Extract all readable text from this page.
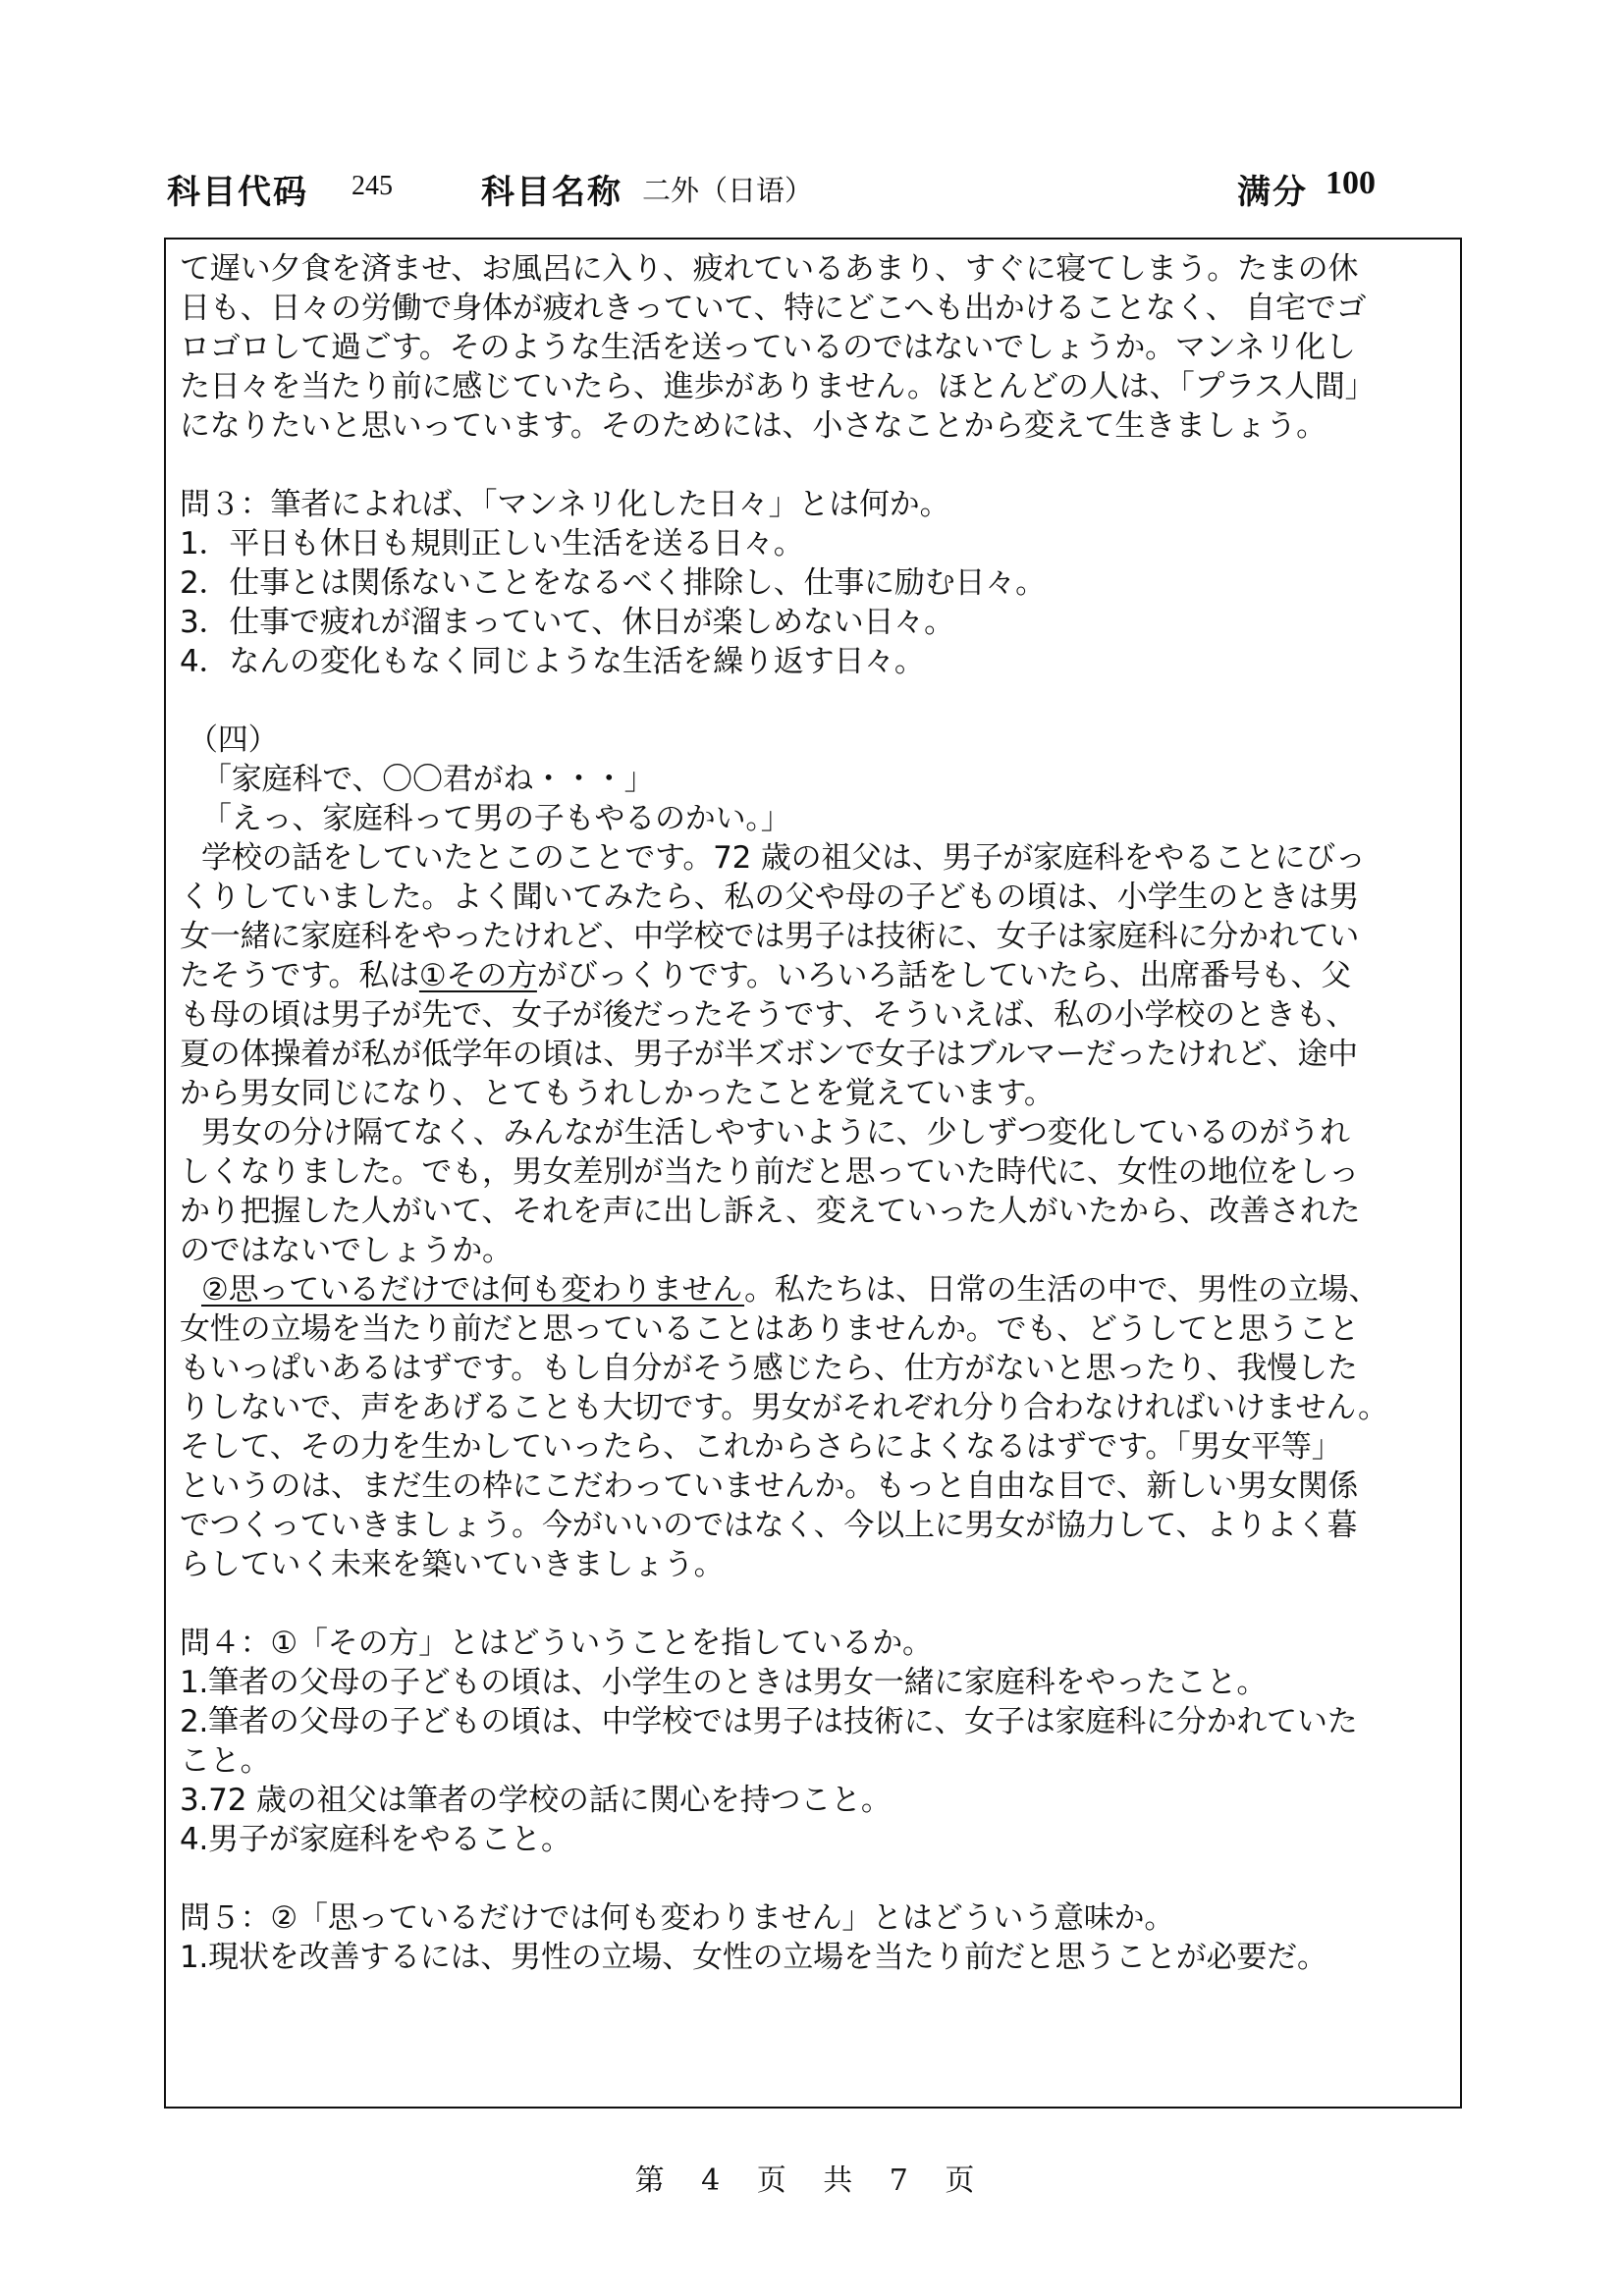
科目代码 245	科目名称 二外（日语）	满分 100
て遅い夕食を済ませ、お風呂に入り、疲れているあまり、すぐに寝てしまう。たまの休
日も、日々の労働で身体が疲れきっていて、特にどこへも出かけることなく、 自宅でゴ
ロゴロして過ごす。そのような生活を送っているのではないでしょうか。マンネリ化し
た日々を当たり前に感じていたら、進歩がありません。ほとんどの人は、「プラス人間」
になりたいと思いっています。そのためには、小さなことから変えて生きましょう。
問３：筆者によれば、「マンネリ化した日々」とは何か。
1．平日も休日も規則正しい生活を送る日々。
2．仕事とは関係ないことをなるべく排除し、仕事に励む日々。
3．仕事で疲れが溜まっていて、休日が楽しめない日々。
4．なんの変化もなく同じような生活を繰り返す日々。
（四）
「家庭科で、〇〇君がね・・・」
「えっ、家庭科って男の子もやるのかい。」
学校の話をしていたとこのことです。72 歳の祖父は、男子が家庭科をやることにびっ
くりしていました。よく聞いてみたら、私の父や母の子どもの頃は、小学生のときは男
女一緒に家庭科をやったけれど、中学校では男子は技術に、女子は家庭科に分かれてい
たそうです。私は①その方がびっくりです。いろいろ話をしていたら、出席番号も、父
も母の頃は男子が先で、女子が後だったそうです、そういえば、私の小学校のときも、
夏の体操着が私が低学年の頃は、男子が半ズボンで女子はブルマーだったけれど、途中
から男女同じになり、とてもうれしかったことを覚えています。
男女の分け隔てなく、みんなが生活しやすいように、少しずつ変化しているのがうれ
しくなりました。でも，男女差別が当たり前だと思っていた時代に、女性の地位をしっ
かり把握した人がいて、それを声に出し訴え、変えていった人がいたから、改善された
のではないでしょうか。
②思っているだけでは何も変わりません。私たちは、日常の生活の中で、男性の立場、
女性の立場を当たり前だと思っていることはありませんか。でも、どうしてと思うこと
もいっぱいあるはずです。もし自分がそう感じたら、仕方がないと思ったり、我慢した
りしないで、声をあげることも大切です。男女がそれぞれ分り合わなければいけません。
そして、その力を生かしていったら、これからさらによくなるはずです。「男女平等」
というのは、まだ生の枠にこだわっていませんか。もっと自由な目で、新しい男女関係
でつくっていきましょう。今がいいのではなく、今以上に男女が協力して、よりよく暮
らしていく未来を築いていきましょう。
問４：①「その方」とはどういうことを指しているか。
1.筆者の父母の子どもの頃は、小学生のときは男女一緒に家庭科をやったこと。
2.筆者の父母の子どもの頃は、中学校では男子は技術に、女子は家庭科に分かれていた
こと。
3.72 歳の祖父は筆者の学校の話に関心を持つこと。
4.男子が家庭科をやること。
問５：②「思っているだけでは何も変わりません」とはどういう意味か。
1.現状を改善するには、男性の立場、女性の立場を当たり前だと思うことが必要だ。
第 4 页 共 7 页
